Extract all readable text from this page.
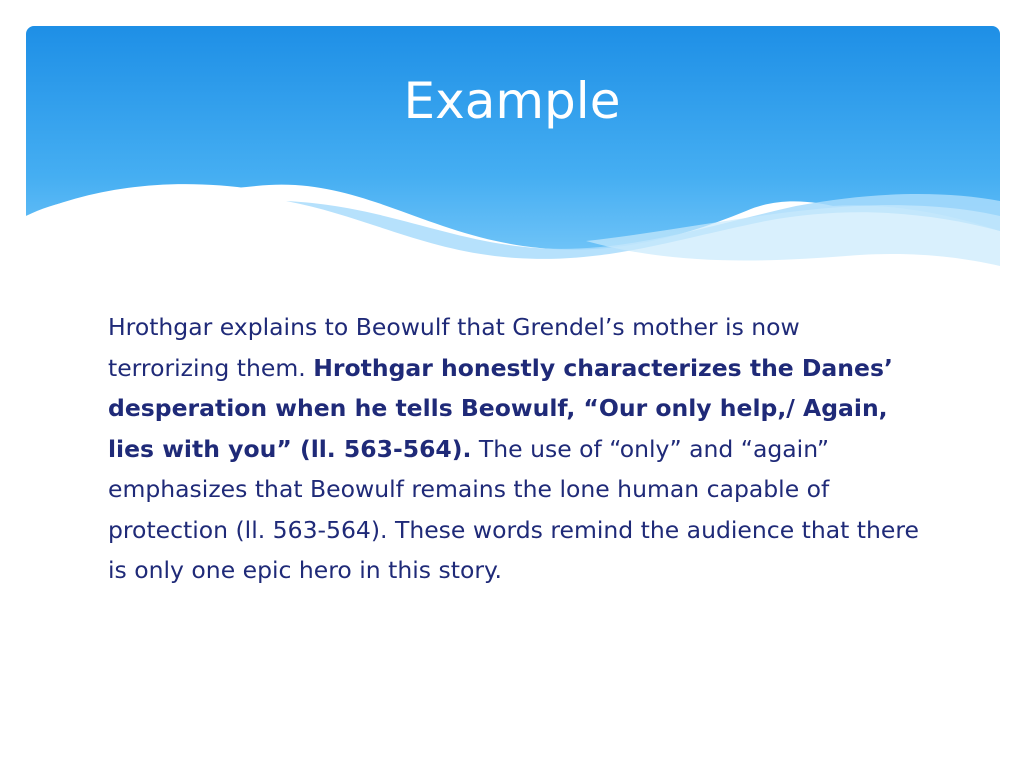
Example

Hrothgar explains to Beowulf that Grendel’s mother is now terrorizing them. Hrothgar honestly characterizes the Danes’ desperation when he tells Beowulf, “Our only help,/ Again, lies with you” (ll. 563-564). The use of “only” and “again” emphasizes that Beowulf remains the lone human capable of protection (ll. 563-564). These words remind the audience that there is only one epic hero in this story.
